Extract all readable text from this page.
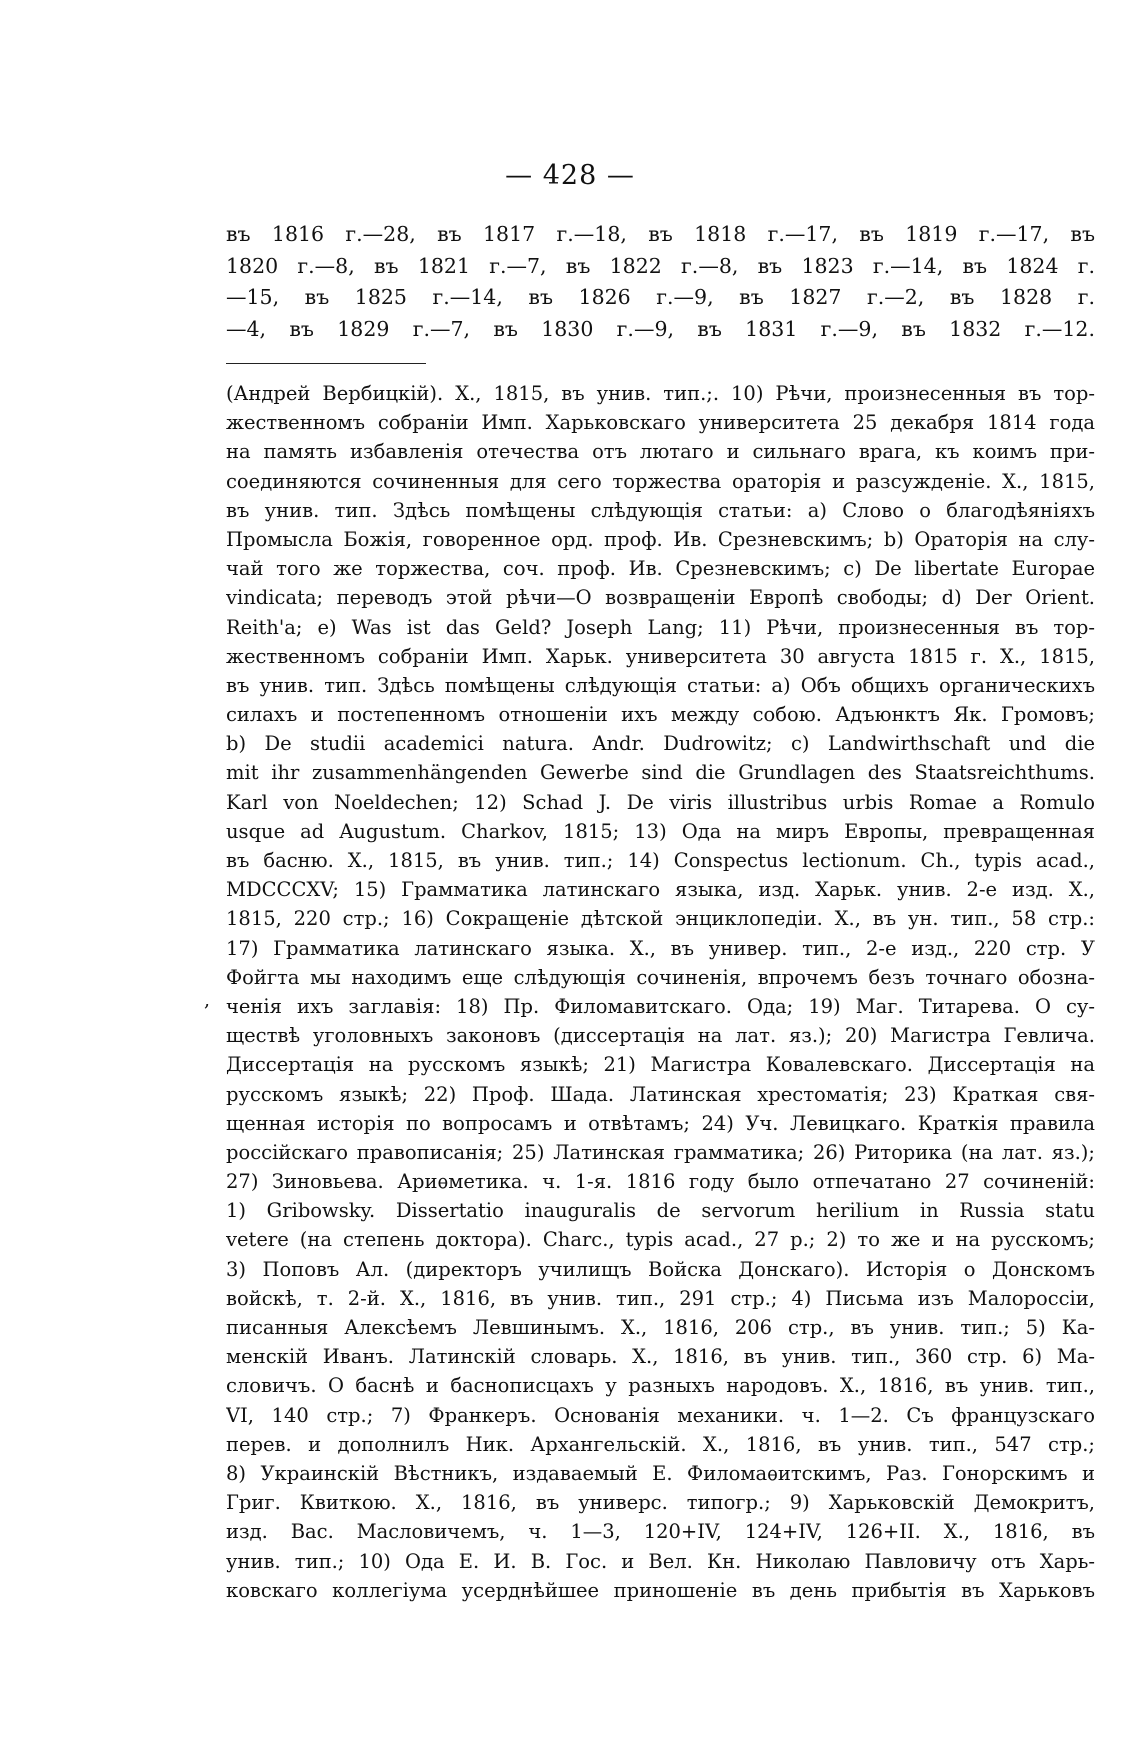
— 428 —
въ 1816 г.—28, въ 1817 г.—18, въ 1818 г.—17, въ 1819 г.—17, въ
1820 г.—8, въ 1821 г.—7, въ 1822 г.—8, въ 1823 г.—14, въ 1824 г.
—15, въ 1825 г.—14, въ 1826 г.—9, въ 1827 г.—2, въ 1828 г.
—4, въ 1829 г.—7, въ 1830 г.—9, въ 1831 г.—9, въ 1832 г.—12.
,
(Андрей Вербицкій). X., 1815, въ унив. тип.;. 10) Рѣчи, произнесенныя въ тор-
жественномъ собраніи Имп. Харьковскаго университета 25 декабря 1814 года
на память избавленія отечества отъ лютаго и сильнаго врага, къ коимъ при-
соединяются сочиненныя для сего торжества ораторія и разсужденіе. X., 1815,
въ унив. тип. Здѣсь помѣщены слѣдующія статьи: а) Слово о благодѣяніяхъ
Промысла Божія, говоренное орд. проф. Ив. Срезневскимъ; b) Ораторія на слу-
чай того же торжества, соч. проф. Ив. Срезневскимъ; с) De libertate Europae
vindicata; переводъ этой рѣчи—О возвращеніи Европѣ свободы; d) Der Orient.
Reith'а; e) Was ist das Geld? Joseph Lang; 11) Рѣчи, произнесенныя въ тор-
жественномъ собраніи Имп. Харьк. университета 30 августа 1815 г. X., 1815,
въ унив. тип. Здѣсь помѣщены слѣдующія статьи: а) Объ общихъ органическихъ
силахъ и постепенномъ отношеніи ихъ между собою. Адъюнктъ Як. Громовъ;
b) De studii academici natura. Andr. Dudrowitz; с) Landwirthschaft und die
mit ihr zusammenhängenden Gewerbe sind die Grundlagen des Staatsreichthums.
Karl von Noeldechen; 12) Schad J. De viris illustribus urbis Romae a Romulo
usque ad Augustum. Charkov, 1815; 13) Ода на миръ Европы, превращенная
въ басню. X., 1815, въ унив. тип.; 14) Conspectus lectionum. Ch., typis acad.,
MDCCCXV; 15) Грамматика латинскаго языка, изд. Харьк. унив. 2-е изд. X.,
1815, 220 стр.; 16) Сокращеніе дѣтской энциклопедіи. X., въ ун. тип., 58 стр.:
17) Грамматика латинскаго языка. X., въ универ. тип., 2-е изд., 220 стр. У
Фойгта мы находимъ еще слѣдующія сочиненія, впрочемъ безъ точнаго обозна-
ченія ихъ заглавія: 18) Пр. Филомавитскаго. Ода; 19) Маг. Титарева. О су-
ществѣ уголовныхъ законовъ (диссертація на лат. яз.); 20) Магистра Гевлича.
Диссертація на русскомъ языкѣ; 21) Магистра Ковалевскаго. Диссертація на
русскомъ языкѣ; 22) Проф. Шада. Латинская хрестоматія; 23) Краткая свя-
щенная исторія по вопросамъ и отвѣтамъ; 24) Уч. Левицкаго. Краткія правила
россійскаго правописанія; 25) Латинская грамматика; 26) Риторика (на лат. яз.);
27) Зиновьева. Ариѳметика. ч. 1-я. 1816 году было отпечатано 27 сочиненій:
1) Gribowsky. Dissertatio inauguralis de servorum herilium in Russia statu
vetere (на степень доктора). Charc., typis acad., 27 p.; 2) то же и на русскомъ;
3) Поповъ Ал. (директоръ училищъ Войска Донскаго). Исторія о Донскомъ
войскѣ, т. 2-й. X., 1816, въ унив. тип., 291 стр.; 4) Письма изъ Малороссіи,
писанныя Алексѣемъ Левшинымъ. X., 1816, 206 стр., въ унив. тип.; 5) Ка-
менскій Иванъ. Латинскій словарь. X., 1816, въ унив. тип., 360 стр. 6) Ма-
словичъ. О баснѣ и баснописцахъ у разныхъ народовъ. X., 1816, въ унив. тип.,
VI, 140 стр.; 7) Франкеръ. Основанія механики. ч. 1—2. Съ французскаго
перев. и дополнилъ Ник. Архангельскій. X., 1816, въ унив. тип., 547 стр.;
8) Украинскій Вѣстникъ, издаваемый Е. Филомаѳитскимъ, Раз. Гонорскимъ и
Григ. Квиткою. X., 1816, въ универс. типогр.; 9) Харьковскій Демокритъ,
изд. Вас. Масловичемъ, ч. 1—3, 120+IV, 124+IV, 126+II. X., 1816, въ
унив. тип.; 10) Ода Е. И. В. Гос. и Вел. Кн. Николаю Павловичу отъ Харь-
ковскаго коллегіума усерднѣйшее приношеніе въ день прибытія въ Харьковъ
